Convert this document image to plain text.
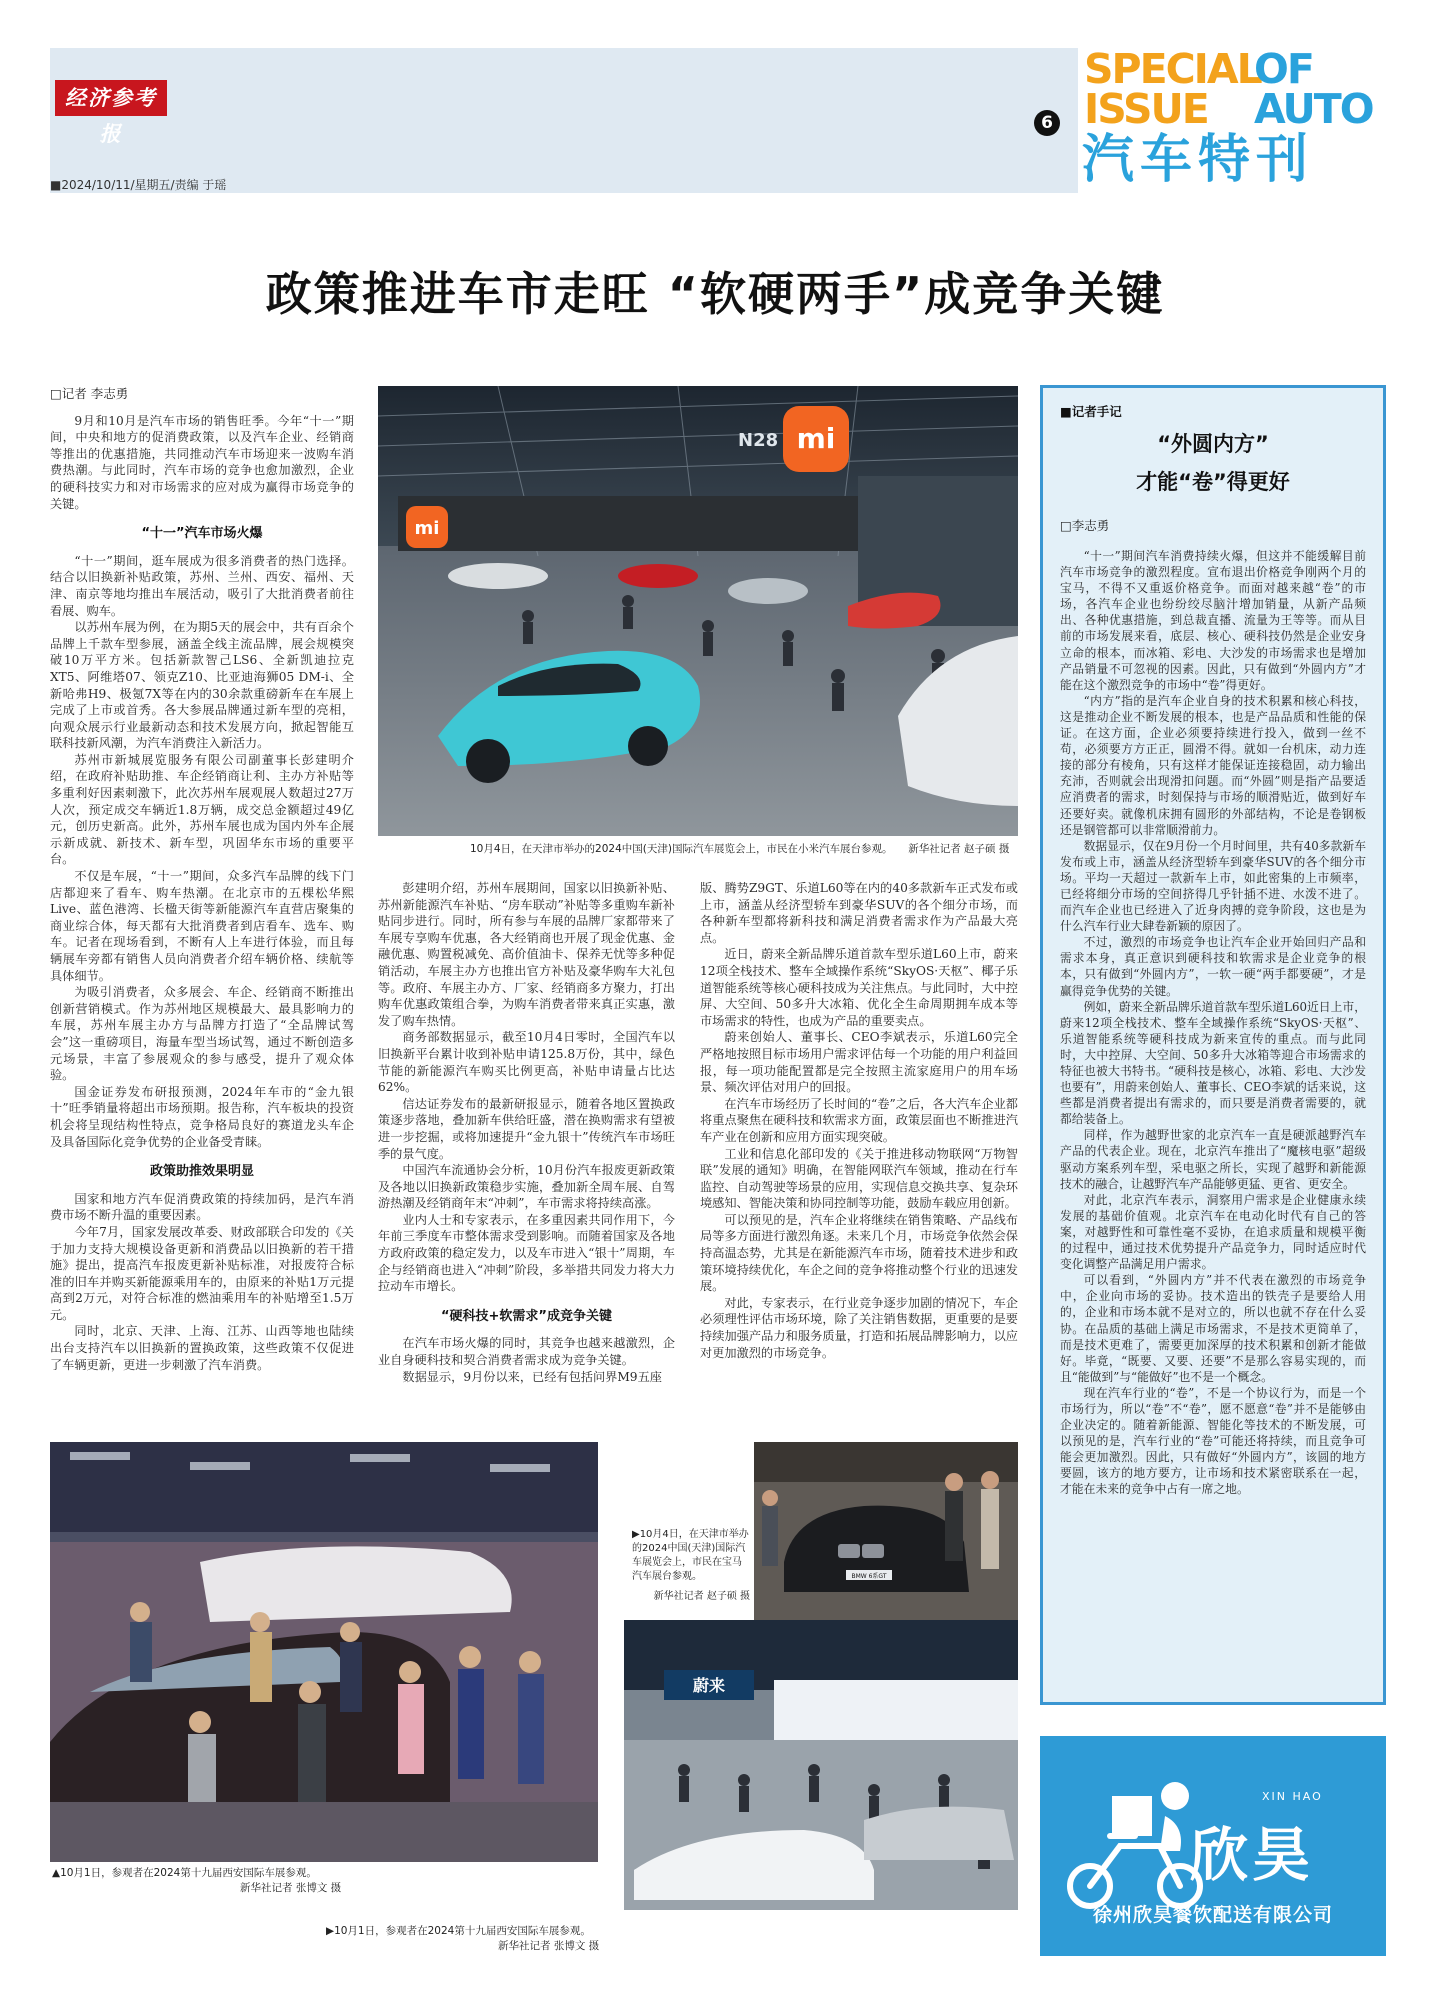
经济参考报	6
■2024/10/11/星期五/责编 于瑶
SPECIAL
OF
ISSUE AUTO
汽车特刊
政策推进车市走旺 “软硬两手”成竞争关键
□记者 李志勇

9月和10月是汽车市场的销售旺季。今年“十一”期间，中央和地方的促消费政策，以及汽车企业、经销商等推出的优惠措施，共同推动汽车市场迎来一波购车消费热潮。与此同时，汽车市场的竞争也愈加激烈，企业的硬科技实力和对市场需求的应对成为赢得市场竞争的关键。

“十一”汽车市场火爆

“十一”期间，逛车展成为很多消费者的热门选择。结合以旧换新补贴政策，苏州、兰州、西安、福州、天津、南京等地均推出车展活动，吸引了大批消费者前往看展、购车。

以苏州车展为例，在为期5天的展会中，共有百余个品牌上千款车型参展，涵盖全线主流品牌，展会规模突破10万平方米。包括新款智己LS6、全新凯迪拉克XT5、阿维塔07、领克Z10、比亚迪海狮05 DM-i、全新哈弗H9、极氪7X等在内的30余款重磅新车在车展上完成了上市或首秀。各大参展品牌通过新车型的亮相，向观众展示行业最新动态和技术发展方向，掀起智能互联科技新风潮，为汽车消费注入新活力。

苏州市新城展览服务有限公司副董事长彭建明介绍，在政府补贴助推、车企经销商让利、主办方补贴等多重利好因素刺激下，此次苏州车展观展人数超过27万人次，预定成交车辆近1.8万辆，成交总金额超过49亿元，创历史新高。此外，苏州车展也成为国内外车企展示新成就、新技术、新车型，巩固华东市场的重要平台。

不仅是车展，“十一”期间，众多汽车品牌的线下门店都迎来了看车、购车热潮。在北京市的五棵松华熙Live、蓝色港湾、长楹天街等新能源汽车直营店聚集的商业综合体，每天都有大批消费者到店看车、选车、购车。记者在现场看到，不断有人上车进行体验，而且每辆展车旁都有销售人员向消费者介绍车辆价格、续航等具体细节。

为吸引消费者，众多展会、车企、经销商不断推出创新营销模式。作为苏州地区规模最大、最具影响力的车展，苏州车展主办方与品牌方打造了“全品牌试驾会”这一重磅项目，海量车型当场试驾，通过不断创造多元场景，丰富了参展观众的参与感受，提升了观众体验。

国金证券发布研报预测，2024年车市的“金九银十”旺季销量将超出市场预期。报告称，汽车板块的投资机会将呈现结构性特点，竞争格局良好的赛道龙头车企及具备国际化竞争优势的企业备受青睐。

政策助推效果明显

国家和地方汽车促消费政策的持续加码，是汽车消费市场不断升温的重要因素。

今年7月，国家发展改革委、财政部联合印发的《关于加力支持大规模设备更新和消费品以旧换新的若干措施》提出，提高汽车报废更新补贴标准，对报废符合标准的旧车并购买新能源乘用车的，由原来的补贴1万元提高到2万元，对符合标准的燃油乘用车的补贴增至1.5万元。

同时，北京、天津、上海、江苏、山西等地也陆续出台支持汽车以旧换新的置换政策，这些政策不仅促进了车辆更新，更进一步刺激了汽车消费。

mi
mi
N28
10月4日，在天津市举办的2024中国(天津)国际汽车展览会上，市民在小米汽车展台参观。　　新华社记者 赵子硕 摄

彭建明介绍，苏州车展期间，国家以旧换新补贴、苏州新能源汽车补贴、“房车联动”补贴等多重购车新补贴同步进行。同时，所有参与车展的品牌厂家都带来了车展专享购车优惠，各大经销商也开展了现金优惠、金融优惠、购置税减免、高价值油卡、保养无忧等多种促销活动，车展主办方也推出官方补贴及豪华购车大礼包等。政府、车展主办方、厂家、经销商多方聚力，打出购车优惠政策组合拳，为购车消费者带来真正实惠，激发了购车热情。

商务部数据显示，截至10月4日零时，全国汽车以旧换新平台累计收到补贴申请125.8万份，其中，绿色节能的新能源汽车购买比例更高，补贴申请量占比达62%。

信达证券发布的最新研报显示，随着各地区置换政策逐步落地，叠加新车供给旺盛，潜在换购需求有望被进一步挖掘，或将加速提升“金九银十”传统汽车市场旺季的景气度。

中国汽车流通协会分析，10月份汽车报废更新政策及各地以旧换新政策稳步实施，叠加新全周车展、自驾游热潮及经销商年末“冲刺”，车市需求将持续高涨。

业内人士和专家表示，在多重因素共同作用下，今年前三季度车市整体需求受到影响。而随着国家及各地方政府政策的稳定发力，以及车市进入“银十”周期，车企与经销商也进入“冲刺”阶段，多举措共同发力将大力拉动车市增长。

“硬科技+软需求”成竞争关键

在汽车市场火爆的同时，其竞争也越来越激烈，企业自身硬科技和契合消费者需求成为竞争关键。

数据显示，9月份以来，已经有包括问界M9五座

版、腾势Z9GT、乐道L60等在内的40多款新车正式发布或上市，涵盖从经济型轿车到豪华SUV的各个细分市场，而各种新车型都将新科技和满足消费者需求作为产品最大亮点。

近日，蔚来全新品牌乐道首款车型乐道L60上市，蔚来12项全栈技术、整车全域操作系统“SkyOS·天枢”、椰子乐道智能系统等核心硬科技成为关注焦点。与此同时，大中控屏、大空间、50多升大冰箱、优化全生命周期拥车成本等市场需求的特性，也成为产品的重要卖点。

蔚来创始人、董事长、CEO李斌表示，乐道L60完全严格地按照目标市场用户需求评估每一个功能的用户利益回报，每一项功能配置都是完全按照主流家庭用户的用车场景、频次评估对用户的回报。

在汽车市场经历了长时间的“卷”之后，各大汽车企业都将重点聚焦在硬科技和软需求方面，政策层面也不断推进汽车产业在创新和应用方面实现突破。

工业和信息化部印发的《关于推进移动物联网“万物智联”发展的通知》明确，在智能网联汽车领域，推动在行车监控、自动驾驶等场景的应用，实现信息交换共享、复杂环境感知、智能决策和协同控制等功能，鼓励车载应用创新。

可以预见的是，汽车企业将继续在销售策略、产品线布局等多方面进行激烈角逐。未来几个月，市场竞争依然会保持高温态势，尤其是在新能源汽车市场，随着技术进步和政策环境持续优化，车企之间的竞争将推动整个行业的迅速发展。

对此，专家表示，在行业竞争逐步加剧的情况下，车企必须理性评估市场环境，除了关注销售数据，更重要的是要持续加强产品力和服务质量，打造和拓展品牌影响力，以应对更加激烈的市场竞争。

▲10月1日，参观者在2024第十九届西安国际车展参观。
新华社记者 张博文 摄
▶10月4日，在天津市举办的2024中国(天津)国际汽车展览会上，市民在宝马汽车展台参观。
新华社记者 赵子硕 摄
BMW 6系GT
蔚来
▶10月1日，参观者在2024第十九届西安国际车展参观。
新华社记者 张博文 摄
■记者手记
“外圆内方”
才能“卷”得更好
□李志勇

“十一”期间汽车消费持续火爆，但这并不能缓解目前汽车市场竞争的激烈程度。宣布退出价格竞争刚两个月的宝马，不得不又重返价格竞争。而面对越来越“卷”的市场，各汽车企业也纷纷绞尽脑汁增加销量，从新产品频出、各种优惠措施，到总裁直播、流量为王等等。而从目前的市场发展来看，底层、核心、硬科技仍然是企业安身立命的根本，而冰箱、彩电、大沙发的市场需求也是增加产品销量不可忽视的因素。因此，只有做到“外圆内方”才能在这个激烈竞争的市场中“卷”得更好。

“内方”指的是汽车企业自身的技术积累和核心科技，这是推动企业不断发展的根本，也是产品品质和性能的保证。在这方面，企业必须要持续进行投入，做到一丝不苟，必须要方方正正，圆滑不得。就如一台机床，动力连接的部分有棱角，只有这样才能保证连接稳固，动力输出充沛，否则就会出现滑扣问题。而“外圆”则是指产品要适应消费者的需求，时刻保持与市场的顺滑贴近，做到好车还要好卖。就像机床拥有圆形的外部结构，不论是卷钢板还是钢管都可以非常顺滑前力。

数据显示，仅在9月份一个月时间里，共有40多款新车发布或上市，涵盖从经济型轿车到豪华SUV的各个细分市场。平均一天超过一款新车上市，如此密集的上市频率，已经将细分市场的空间挤得几乎针插不进、水泼不进了。而汽车企业也已经进入了近身肉搏的竞争阶段，这也是为什么汽车行业大肆卷新颖的原因了。

不过，激烈的市场竞争也让汽车企业开始回归产品和需求本身，真正意识到硬科技和软需求是企业竞争的根本，只有做到“外圆内方”，一软一硬“两手都要硬”，才是赢得竞争优势的关键。

例如，蔚来全新品牌乐道首款车型乐道L60近日上市，蔚来12项全栈技术、整车全域操作系统“SkyOS·天枢”、乐道智能系统等硬科技成为新来宣传的重点。而与此同时，大中控屏、大空间、50多升大冰箱等迎合市场需求的特征也被大书特书。“硬科技是核心，冰箱、彩电、大沙发也要有”，用蔚来创始人、董事长、CEO李斌的话来说，这些都是消费者提出有需求的，而只要是消费者需要的，就都给装备上。

同样，作为越野世家的北京汽车一直是硬派越野汽车产品的代表企业。现在，北京汽车推出了“魔核电驱”超级驱动方案系列车型，采电驱之所长，实现了越野和新能源技术的融合，让越野汽车产品能够更猛、更省、更安全。

对此，北京汽车表示，洞察用户需求是企业健康永续发展的基础价值观。北京汽车在电动化时代有自己的答案，对越野性和可靠性毫不妥协，在追求质量和规模平衡的过程中，通过技术优势提升产品竞争力，同时适应时代变化调整产品满足用户需求。

可以看到，“外圆内方”并不代表在激烈的市场竞争中，企业向市场的妥协。技术造出的铁壳子是要给人用的，企业和市场本就不是对立的，所以也就不存在什么妥协。在品质的基础上满足市场需求，不是技术更简单了，而是技术更难了，需要更加深厚的技术积累和创新才能做好。毕竟，“既要、又要、还要”不是那么容易实现的，而且“能做到”与“能做好”也不是一个概念。

现在汽车行业的“卷”，不是一个协议行为，而是一个市场行为，所以“卷”不“卷”，愿不愿意“卷”并不是能够由企业决定的。随着新能源、智能化等技术的不断发展，可以预见的是，汽车行业的“卷”可能还将持续，而且竞争可能会更加激烈。因此，只有做好“外圆内方”，该圆的地方要圆，该方的地方要方，让市场和技术紧密联系在一起，才能在未来的竞争中占有一席之地。

XIN HAO
欣昊
徐州欣昊餐饮配送有限公司
